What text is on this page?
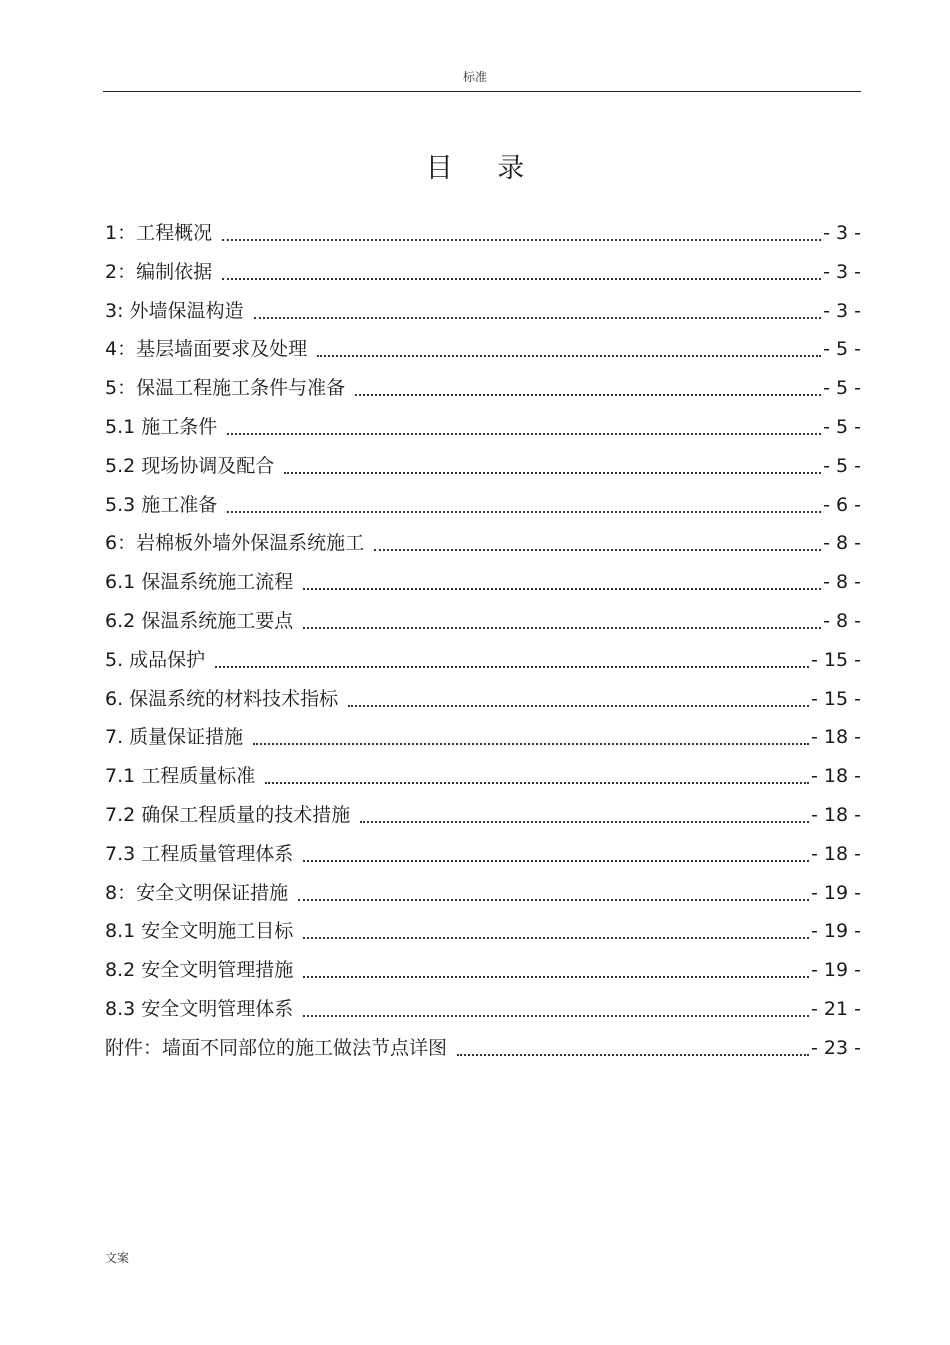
标准
目 录
1：工程概况	- 3 -
2：编制依据	- 3 -
3: 外墙保温构造	- 3 -
4：基层墙面要求及处理	- 5 -
5：保温工程施工条件与准备	- 5 -
5.1 施工条件	- 5 -
5.2 现场协调及配合	- 5 -
5.3 施工准备	- 6 -
6：岩棉板外墙外保温系统施工	- 8 -
6.1 保温系统施工流程	- 8 -
6.2 保温系统施工要点	- 8 -
5. 成品保护	- 15 -
6. 保温系统的材料技术指标	- 15 -
7. 质量保证措施	- 18 -
7.1 工程质量标准	- 18 -
7.2 确保工程质量的技术措施	- 18 -
7.3 工程质量管理体系	- 18 -
8：安全文明保证措施	- 19 -
8.1 安全文明施工目标	- 19 -
8.2 安全文明管理措施	- 19 -
8.3 安全文明管理体系	- 21 -
附件：墙面不同部位的施工做法节点详图	- 23 -
文案
